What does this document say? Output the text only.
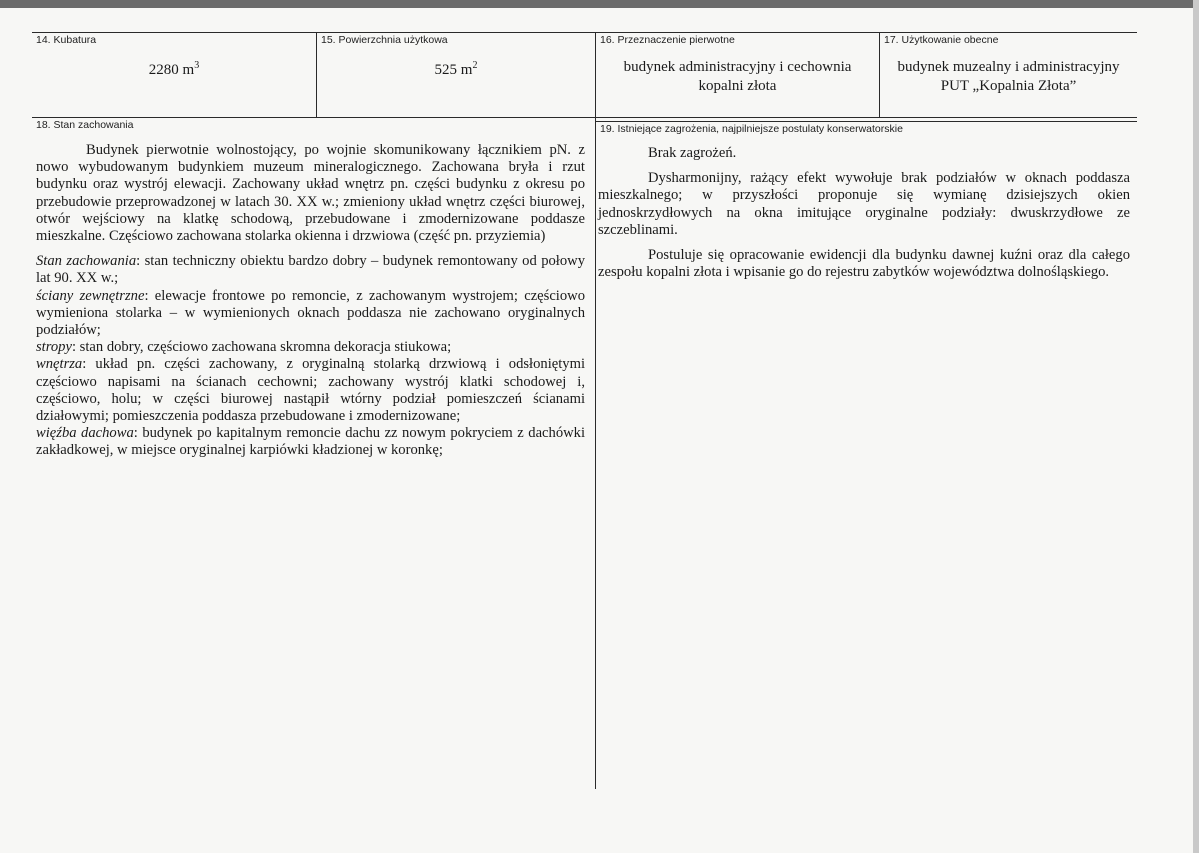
14. Kubatura
2280 $m^3$
15. Powierzchnia użytkowa
525 $m^2$
16. Przeznaczenie pierwotne
budynek administracyjny i cechownia
kopalni złota
17. Użytkowanie obecne
budynek muzealny i administracyjny
PUT „Kopalnia Złota”
18. Stan zachowania

Budynek pierwotnie wolnostojący, po wojnie skomunikowany łącznikiem pN. z nowo wybudowanym budynkiem muzeum mineralogicznego. Zachowana bryła i rzut budynku oraz wystrój elewacji. Zachowany układ wnętrz pn. części budynku z okresu po przebudowie przeprowadzonej w latach 30. XX w.; zmieniony układ wnętrz części biurowej, otwór wejściowy na klatkę schodową, przebudowane i zmodernizowane poddasze mieszkalne. Częściowo zachowana stolarka okienna i drzwiowa (część pn. przyziemia)

Stan zachowania: stan techniczny obiektu bardzo dobry – budynek remontowany od połowy lat 90. XX w.;

ściany zewnętrzne: elewacje frontowe po remoncie, z zachowanym wystrojem; częściowo wymieniona stolarka – w wymienionych oknach poddasza nie zachowano oryginalnych podziałów;

stropy: stan dobry, częściowo zachowana skromna dekoracja stiukowa;

wnętrza: układ pn. części zachowany, z oryginalną stolarką drzwiową i odsłoniętymi częściowo napisami na ścianach cechowni; zachowany wystrój klatki schodowej i, częściowo, holu; w części biurowej nastąpił wtórny podział pomieszczeń ścianami działowymi; pomieszczenia poddasza przebudowane i zmodernizowane;

więźba dachowa: budynek po kapitalnym remoncie dachu zz nowym pokryciem z dachówki zakładkowej, w miejsce oryginalnej karpiówki kładzionej w koronkę;

19. Istniejące zagrożenia, najpilniejsze postulaty konserwatorskie

Brak zagrożeń.

Dysharmonijny, rażący efekt wywołuje brak podziałów w oknach poddasza mieszkalnego; w przyszłości proponuje się wymianę dzisiejszych okien jednoskrzydłowych na okna imitujące oryginalne podziały: dwuskrzydłowe ze szczeblinami.

Postuluje się opracowanie ewidencji dla budynku dawnej kuźni oraz dla całego zespołu kopalni złota i wpisanie go do rejestru zabytków województwa dolnośląskiego.
